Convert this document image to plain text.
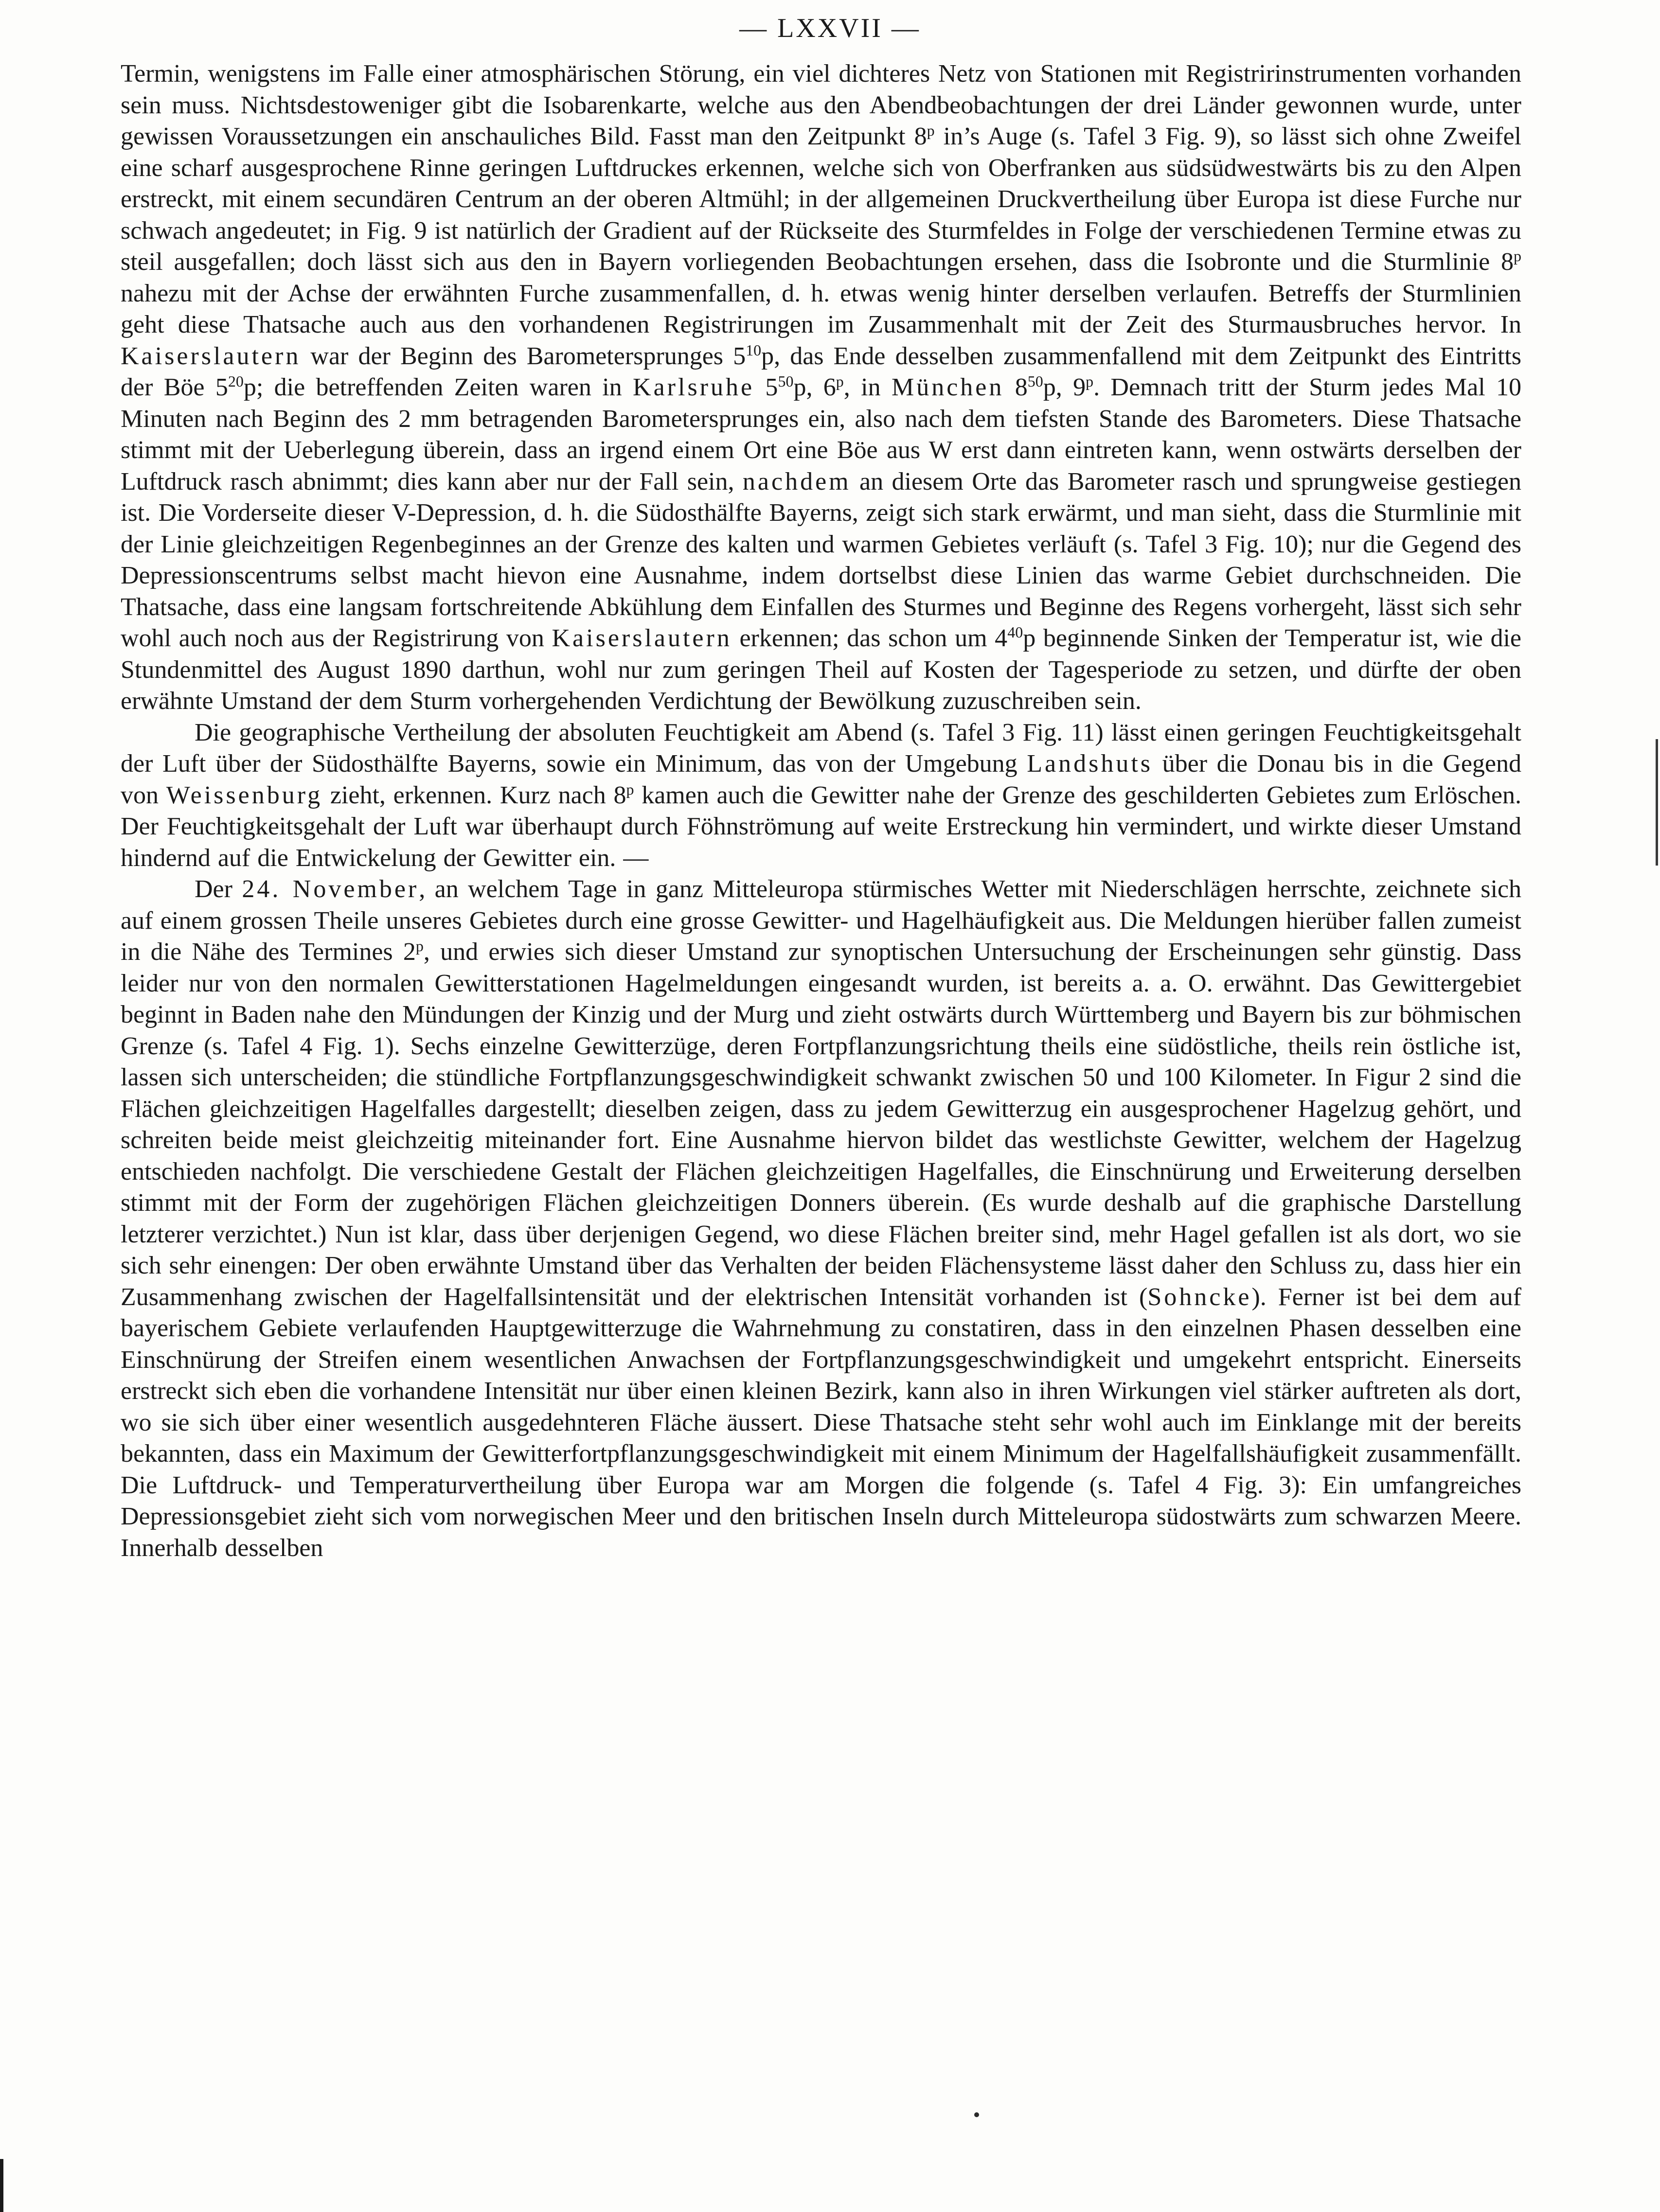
— LXXVII —

Termin, wenigstens im Falle einer atmosphärischen Störung, ein viel dichteres Netz von Stationen mit Registririnstrumenten vorhanden sein muss. Nichtsdestoweniger gibt die Isobarenkarte, welche aus den Abendbeobachtungen der drei Länder gewonnen wurde, unter gewissen Voraussetzungen ein anschauliches Bild. Fasst man den Zeitpunkt 8$^p$ in’s Auge (s. Tafel 3 Fig. 9), so lässt sich ohne Zweifel eine scharf ausgesprochene Rinne geringen Luftdruckes erkennen, welche sich von Oberfranken aus südsüdwestwärts bis zu den Alpen erstreckt, mit einem secundären Centrum an der oberen Altmühl; in der allgemeinen Druckvertheilung über Europa ist diese Furche nur schwach angedeutet; in Fig. 9 ist natürlich der Gradient auf der Rückseite des Sturmfeldes in Folge der verschiedenen Termine etwas zu steil ausgefallen; doch lässt sich aus den in Bayern vorliegenden Beobachtungen ersehen, dass die Isobronte und die Sturmlinie 8$^p$ nahezu mit der Achse der erwähnten Furche zusammenfallen, d. h. etwas wenig hinter derselben verlaufen. Betreffs der Sturmlinien geht diese Thatsache auch aus den vorhandenen Registrirungen im Zusammenhalt mit der Zeit des Sturmausbruches hervor. In Kaiserslautern war der Beginn des Barometersprunges $5^{10}p$, das Ende desselben zusammenfallend mit dem Zeitpunkt des Eintritts der Böe $5^{20}p$; die betreffenden Zeiten waren in Karlsruhe $5^{50}p$, 6$^p$, in München $8^{50}p$, 9$^p$. Demnach tritt der Sturm jedes Mal 10 Minuten nach Beginn des 2 mm betragenden Barometersprunges ein, also nach dem tiefsten Stande des Barometers. Diese Thatsache stimmt mit der Ueberlegung überein, dass an irgend einem Ort eine Böe aus W erst dann eintreten kann, wenn ostwärts derselben der Luftdruck rasch abnimmt; dies kann aber nur der Fall sein, nachdem an diesem Orte das Barometer rasch und sprungweise gestiegen ist. Die Vorderseite dieser V-Depression, d. h. die Südosthälfte Bayerns, zeigt sich stark erwärmt, und man sieht, dass die Sturmlinie mit der Linie gleichzeitigen Regenbeginnes an der Grenze des kalten und warmen Gebietes verläuft (s. Tafel 3 Fig. 10); nur die Gegend des Depressionscentrums selbst macht hievon eine Ausnahme, indem dortselbst diese Linien das warme Gebiet durchschneiden. Die Thatsache, dass eine langsam fortschreitende Abkühlung dem Einfallen des Sturmes und Beginne des Regens vorhergeht, lässt sich sehr wohl auch noch aus der Registrirung von Kaiserslautern erkennen; das schon um $4^{40}p$ beginnende Sinken der Temperatur ist, wie die Stundenmittel des August 1890 darthun, wohl nur zum geringen Theil auf Kosten der Tagesperiode zu setzen, und dürfte der oben erwähnte Umstand der dem Sturm vorhergehenden Verdichtung der Bewölkung zuzuschreiben sein.

Die geographische Vertheilung der absoluten Feuchtigkeit am Abend (s. Tafel 3 Fig. 11) lässt einen geringen Feuchtigkeitsgehalt der Luft über der Südosthälfte Bayerns, sowie ein Minimum, das von der Umgebung Landshuts über die Donau bis in die Gegend von Weissenburg zieht, erkennen. Kurz nach 8$^p$ kamen auch die Gewitter nahe der Grenze des geschilderten Gebietes zum Erlöschen. Der Feuchtigkeitsgehalt der Luft war überhaupt durch Föhnströmung auf weite Erstreckung hin vermindert, und wirkte dieser Umstand hindernd auf die Entwickelung der Gewitter ein. —

Der 24. November, an welchem Tage in ganz Mitteleuropa stürmisches Wetter mit Niederschlägen herrschte, zeichnete sich auf einem grossen Theile unseres Gebietes durch eine grosse Gewitter- und Hagelhäufigkeit aus. Die Meldungen hierüber fallen zumeist in die Nähe des Termines 2$^p$, und erwies sich dieser Umstand zur synoptischen Untersuchung der Erscheinungen sehr günstig. Dass leider nur von den normalen Gewitterstationen Hagelmeldungen eingesandt wurden, ist bereits a. a. O. erwähnt. Das Gewittergebiet beginnt in Baden nahe den Mündungen der Kinzig und der Murg und zieht ostwärts durch Württemberg und Bayern bis zur böhmischen Grenze (s. Tafel 4 Fig. 1). Sechs einzelne Gewitterzüge, deren Fortpflanzungsrichtung theils eine südöstliche, theils rein östliche ist, lassen sich unterscheiden; die stündliche Fortpflanzungsgeschwindigkeit schwankt zwischen 50 und 100 Kilometer. In Figur 2 sind die Flächen gleichzeitigen Hagelfalles dargestellt; dieselben zeigen, dass zu jedem Gewitterzug ein ausgesprochener Hagelzug gehört, und schreiten beide meist gleichzeitig miteinander fort. Eine Ausnahme hiervon bildet das westlichste Gewitter, welchem der Hagelzug entschieden nachfolgt. Die verschiedene Gestalt der Flächen gleichzeitigen Hagelfalles, die Einschnürung und Erweiterung derselben stimmt mit der Form der zugehörigen Flächen gleichzeitigen Donners überein. (Es wurde deshalb auf die graphische Darstellung letzterer verzichtet.) Nun ist klar, dass über derjenigen Gegend, wo diese Flächen breiter sind, mehr Hagel gefallen ist als dort, wo sie sich sehr einengen: Der oben erwähnte Umstand über das Verhalten der beiden Flächensysteme lässt daher den Schluss zu, dass hier ein Zusammenhang zwischen der Hagelfallsintensität und der elektrischen Intensität vorhanden ist (Sohncke). Ferner ist bei dem auf bayerischem Gebiete verlaufenden Hauptgewitterzuge die Wahrnehmung zu constatiren, dass in den einzelnen Phasen desselben eine Einschnürung der Streifen einem wesentlichen Anwachsen der Fortpflanzungsgeschwindigkeit und umgekehrt entspricht. Einerseits erstreckt sich eben die vorhandene Intensität nur über einen kleinen Bezirk, kann also in ihren Wirkungen viel stärker auftreten als dort, wo sie sich über einer wesentlich ausgedehnteren Fläche äussert. Diese Thatsache steht sehr wohl auch im Einklange mit der bereits bekannten, dass ein Maximum der Gewitterfortpflanzungsgeschwindigkeit mit einem Minimum der Hagelfallshäufigkeit zusammenfällt. Die Luftdruck- und Temperaturvertheilung über Europa war am Morgen die folgende (s. Tafel 4 Fig. 3): Ein umfangreiches Depressionsgebiet zieht sich vom norwegischen Meer und den britischen Inseln durch Mitteleuropa südostwärts zum schwarzen Meere. Innerhalb desselben
